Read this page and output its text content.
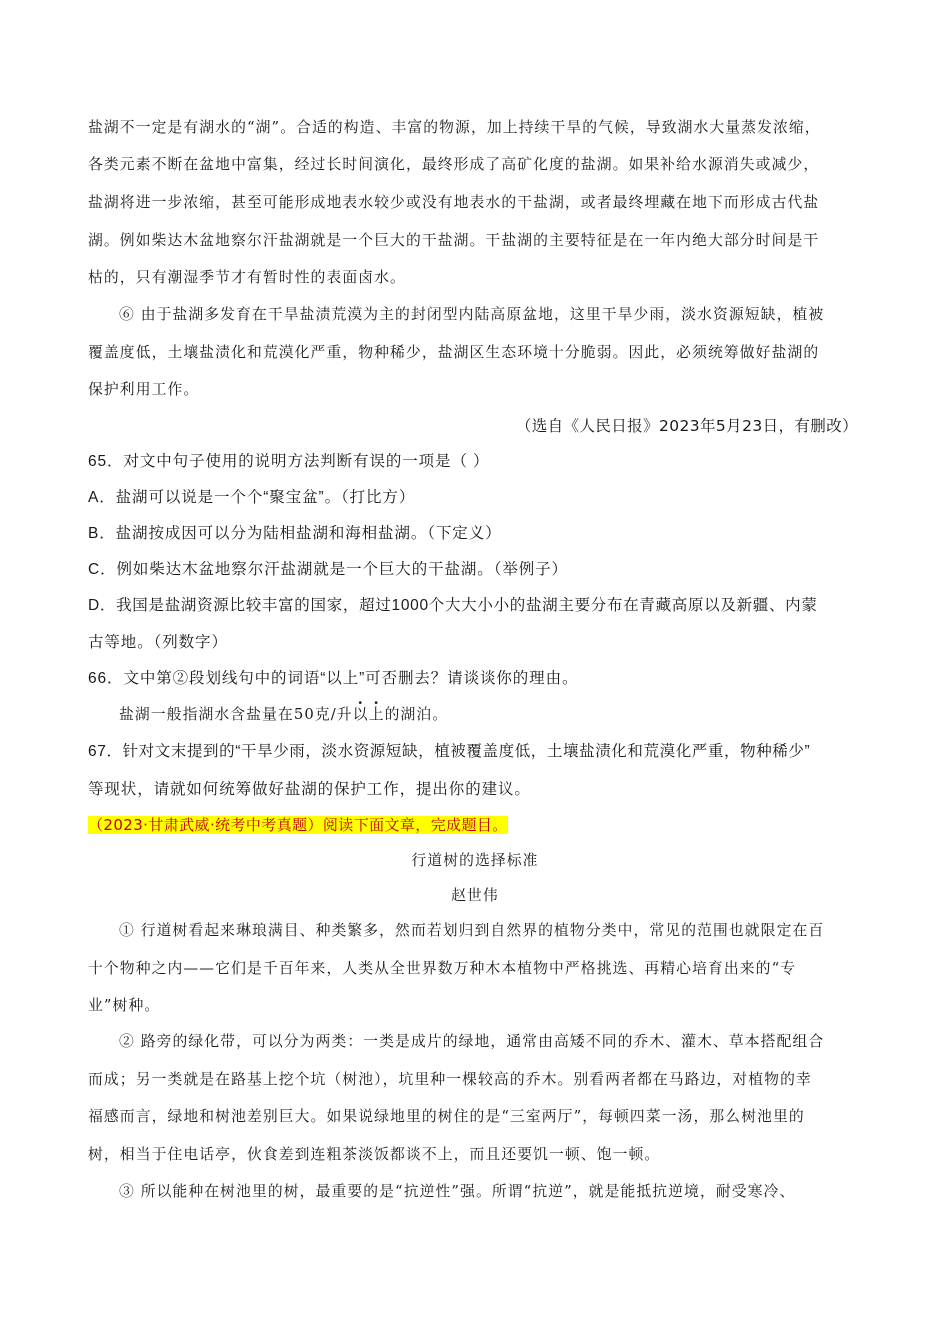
盐湖不一定是有湖水的“湖”。合适的构造、丰富的物源，加上持续干旱的气候，导致湖水大量蒸发浓缩，
各类元素不断在盆地中富集，经过长时间演化，最终形成了高矿化度的盐湖。如果补给水源消失或减少，
盐湖将进一步浓缩，甚至可能形成地表水较少或没有地表水的干盐湖，或者最终埋藏在地下而形成古代盐
湖。例如柴达木盆地察尔汗盐湖就是一个巨大的干盐湖。干盐湖的主要特征是在一年内绝大部分时间是干
枯的，只有潮湿季节才有暂时性的表面卤水。
⑥ 由于盐湖多发育在干旱盐渍荒漠为主的封闭型内陆高原盆地，这里干旱少雨，淡水资源短缺，植被
覆盖度低，土壤盐渍化和荒漠化严重，物种稀少，盐湖区生态环境十分脆弱。因此，必须统筹做好盐湖的
保护利用工作。
（选自《人民日报》2023年5月23日，有删改）
65．对文中句子使用的说明方法判断有误的一项是（ ）
A．盐湖可以说是一个个“聚宝盆”。（打比方）
B．盐湖按成因可以分为陆相盐湖和海相盐湖。（下定义）
C．例如柴达木盆地察尔汗盐湖就是一个巨大的干盐湖。（举例子）
D．我国是盐湖资源比较丰富的国家，超过1000个大大小小的盐湖主要分布在青藏高原以及新疆、内蒙
古等地。（列数字）
66．文中第②段划线句中的词语“以上”可否删去？请谈谈你的理由。
盐湖一般指湖水含盐量在50克/升以上的湖泊。
67．针对文末提到的“干旱少雨，淡水资源短缺，植被覆盖度低，土壤盐渍化和荒漠化严重，物种稀少”
等现状，请就如何统筹做好盐湖的保护工作，提出你的建议。
（2023·甘肃武威·统考中考真题）阅读下面文章，完成题目。
行道树的选择标准
赵世伟
① 行道树看起来琳琅满目、种类繁多，然而若划归到自然界的植物分类中，常见的范围也就限定在百
十个物种之内——它们是千百年来，人类从全世界数万种木本植物中严格挑选、再精心培育出来的“专
业”树种。
② 路旁的绿化带，可以分为两类：一类是成片的绿地，通常由高矮不同的乔木、灌木、草本搭配组合
而成；另一类就是在路基上挖个坑（树池），坑里种一棵较高的乔木。别看两者都在马路边，对植物的幸
福感而言，绿地和树池差别巨大。如果说绿地里的树住的是“三室两厅”，每顿四菜一汤，那么树池里的
树，相当于住电话亭，伙食差到连粗茶淡饭都谈不上，而且还要饥一顿、饱一顿。
③ 所以能种在树池里的树，最重要的是“抗逆性”强。所谓“抗逆”，就是能抵抗逆境，耐受寒冷、
